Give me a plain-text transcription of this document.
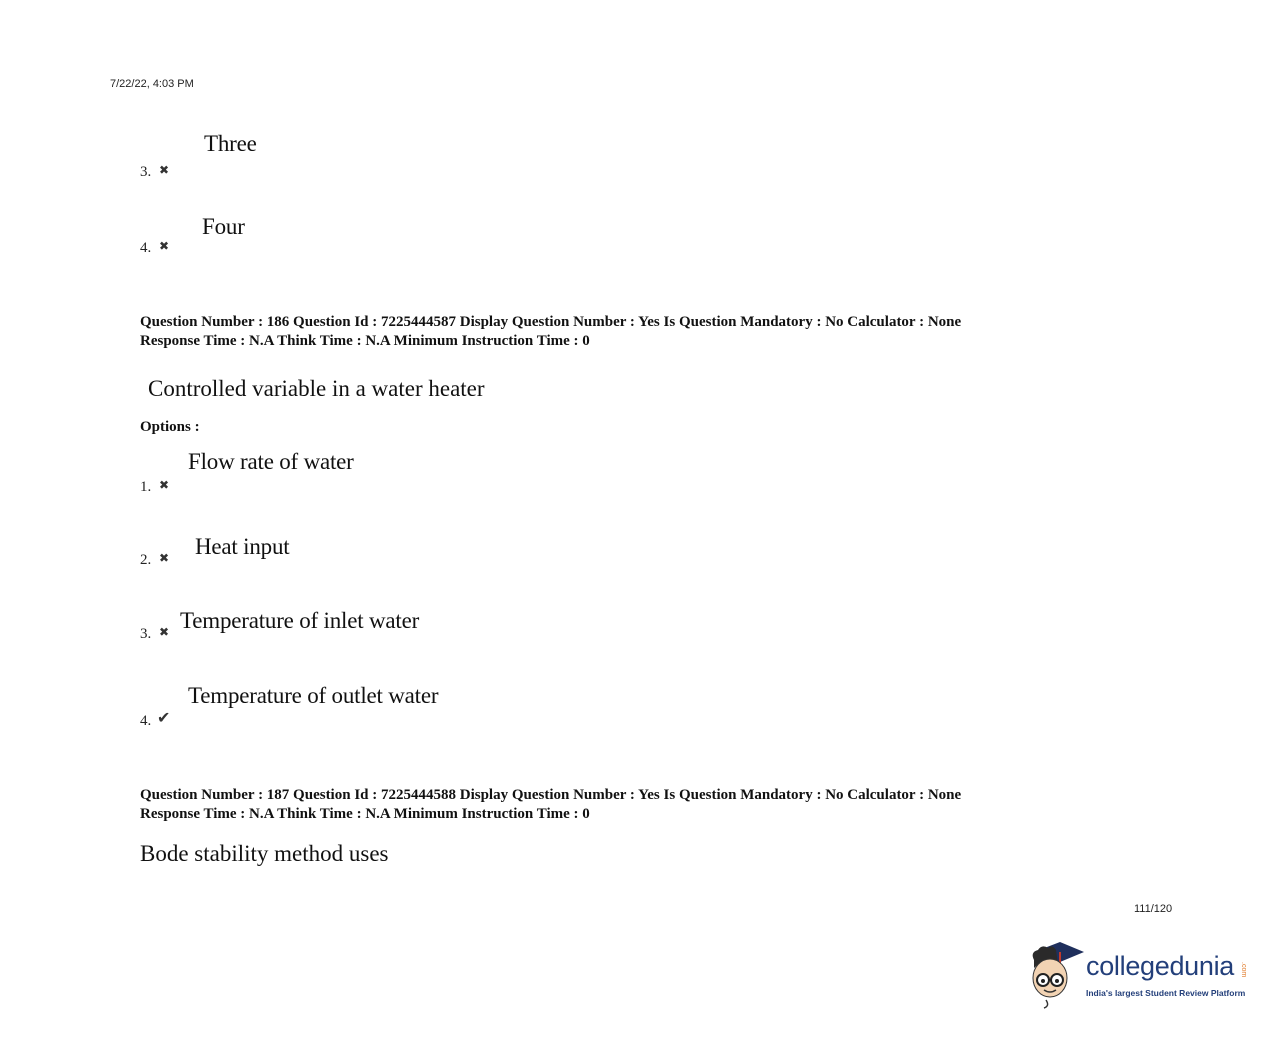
7/22/22, 4:03 PM
Three
3. ✖
Four
4. ✖
Question Number : 186 Question Id : 7225444587 Display Question Number : Yes Is Question Mandatory : No Calculator : None
Response Time : N.A Think Time : N.A Minimum Instruction Time : 0
Controlled variable in a water heater
Options :
Flow rate of water
1. ✖
Heat input
2. ✖
Temperature of inlet water
3. ✖
Temperature of outlet water
4. ✔
Question Number : 187 Question Id : 7225444588 Display Question Number : Yes Is Question Mandatory : No Calculator : None
Response Time : N.A Think Time : N.A Minimum Instruction Time : 0
Bode stability method uses
111/120
collegedunia .com
India's largest Student Review Platform
